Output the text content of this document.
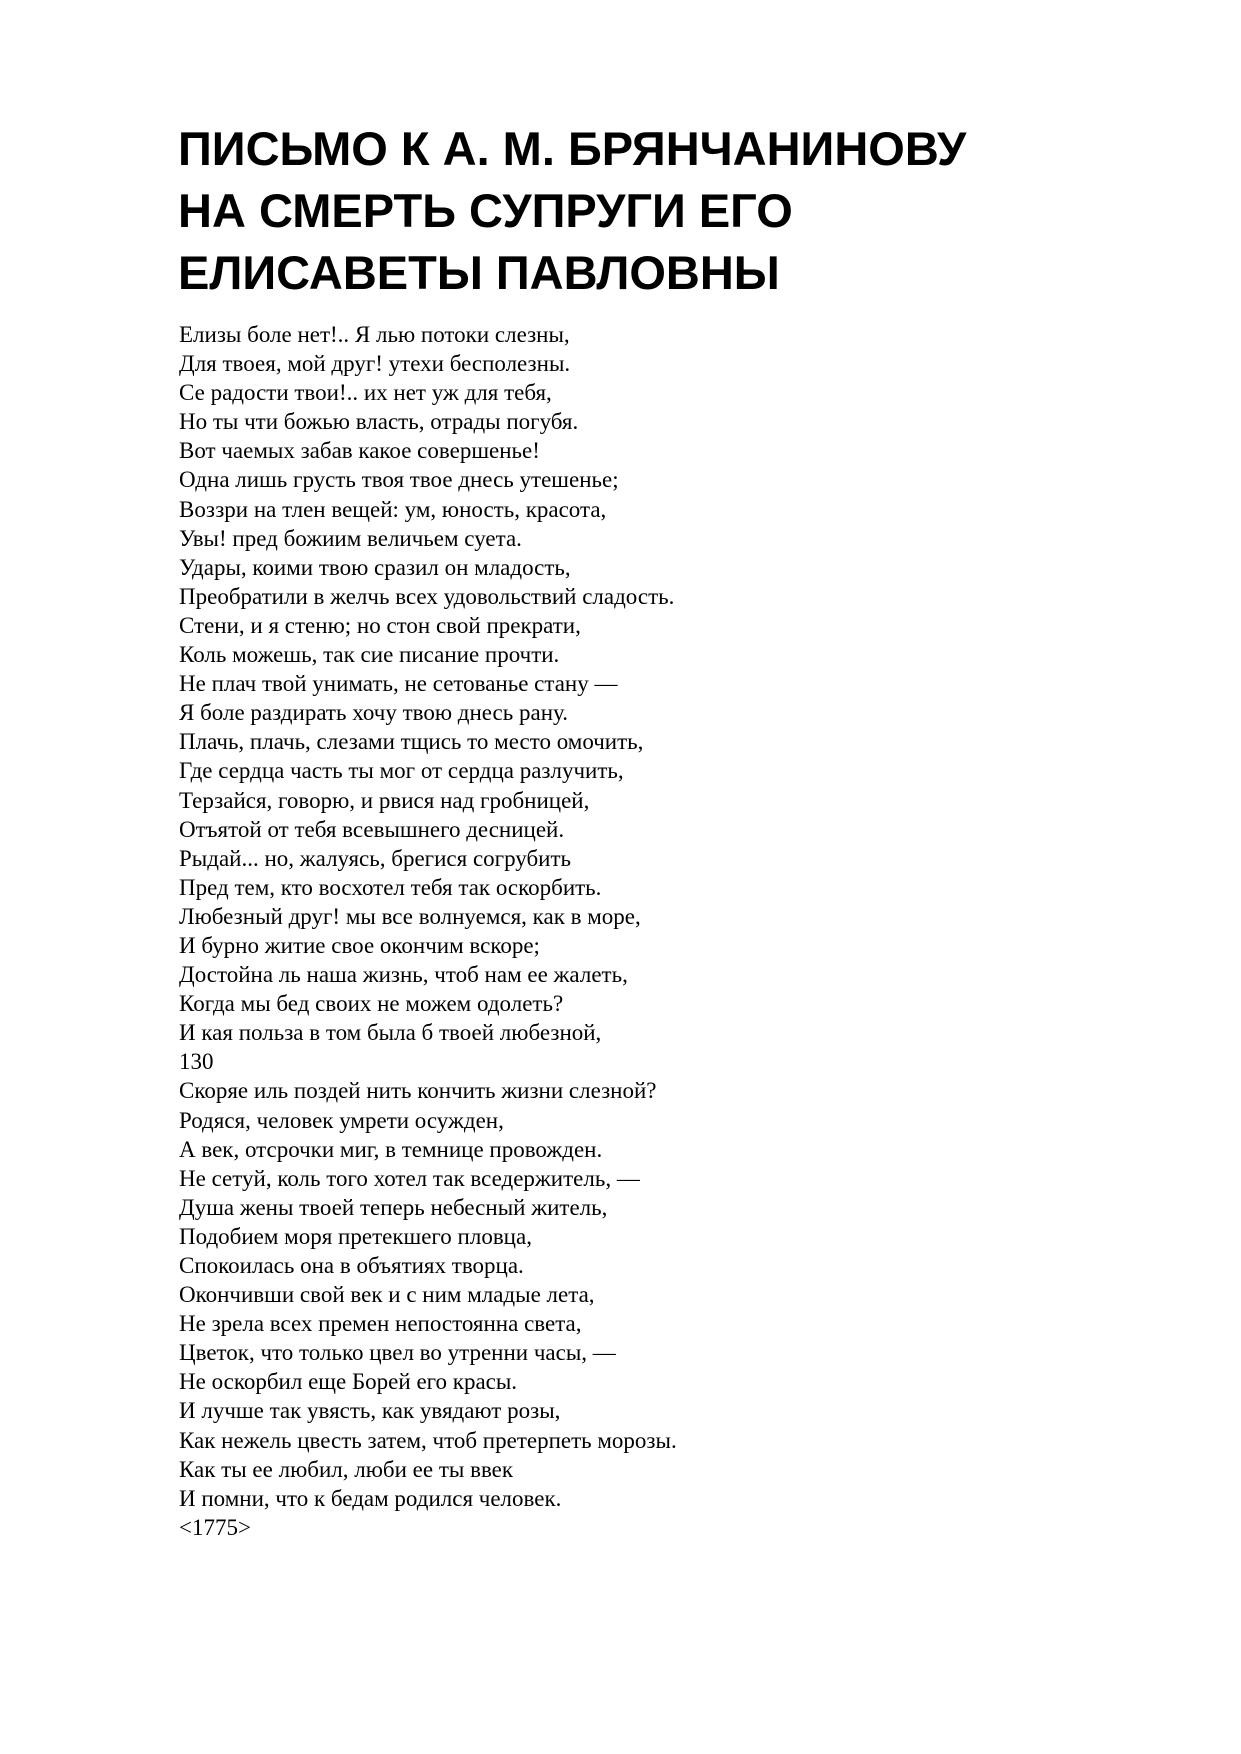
ПИСЬМО К А. М. БРЯНЧАНИНОВУ
НА СМЕРТЬ СУПРУГИ ЕГО
ЕЛИСАВЕТЫ ПАВЛОВНЫ
Елизы боле нет!.. Я лью потоки слезны,
Для твоея, мой друг! утехи бесполезны.
Се радости твои!.. их нет уж для тебя,
Но ты чти божью власть, отрады погубя.
Вот чаемых забав какое совершенье!
Одна лишь грусть твоя твое днесь утешенье;
Воззри на тлен вещей: ум, юность, красота,
Увы! пред божиим величьем суета.
Удары, коими твою сразил он младость,
Преобратили в желчь всех удовольствий сладость.
Стени, и я стеню; но стон свой прекрати,
Коль можешь, так сие писание прочти.
Не плач твой унимать, не сетованье стану —
Я боле раздирать хочу твою днесь рану.
Плачь, плачь, слезами тщись то место омочить,
Где сердца часть ты мог от сердца разлучить,
Терзайся, говорю, и рвися над гробницей,
Отъятой от тебя всевышнего десницей.
Рыдай... но, жалуясь, брегися согрубить
Пред тем, кто восхотел тебя так оскорбить.
Любезный друг! мы все волнуемся, как в море,
И бурно житие свое окончим вскоре;
Достойна ль наша жизнь, чтоб нам ее жалеть,
Когда мы бед своих не можем одолеть?
И кая польза в том была б твоей любезной,
130
Скоряе иль поздей нить кончить жизни слезной?
Родяся, человек умрети осужден,
А век, отсрочки миг, в темнице провожден.
Не сетуй, коль того хотел так вседержитель, —
Душа жены твоей теперь небесный житель,
Подобием моря претекшего пловца,
Спокоилась она в объятиях творца.
Окончивши свой век и с ним младые лета,
Не зрела всех премен непостоянна света,
Цветок, что только цвел во утренни часы, —
Не оскорбил еще Борей его красы.
И лучше так увясть, как увядают розы,
Как нежель цвесть затем, чтоб претерпеть морозы.
Как ты ее любил, люби ее ты ввек
И помни, что к бедам родился человек.
<1775>
